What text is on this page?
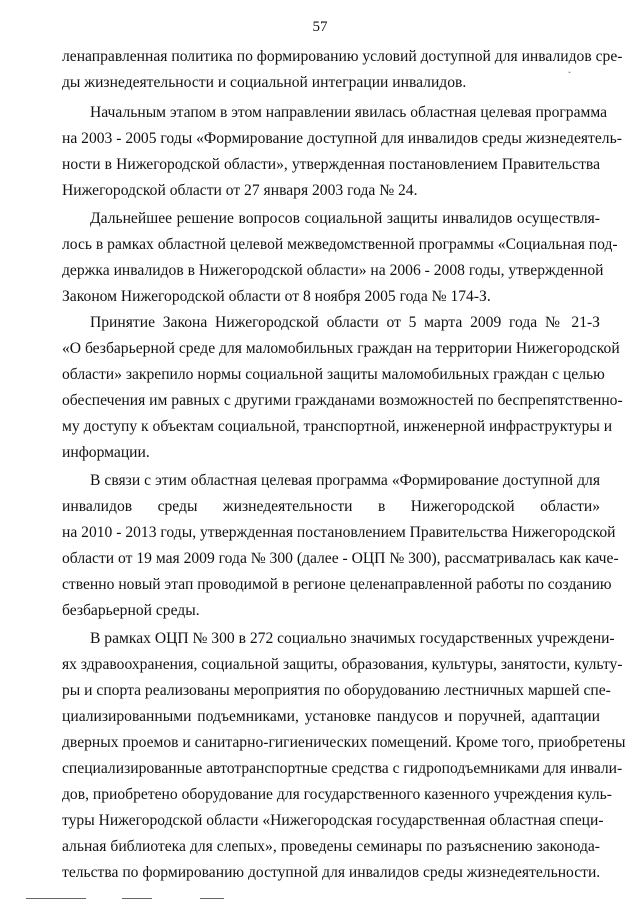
57
ˇ
ленаправленная политика по формированию условий доступной для инвалидов сре-
ды жизнедеятельности и социальной интеграции инвалидов.
Начальным этапом в этом направлении явилась областная целевая программа
на 2003 - 2005 годы «Формирование доступной для инвалидов среды жизнедеятель-
ности в Нижегородской области», утвержденная постановлением Правительства
Нижегородской области от 27 января 2003 года № 24.
Дальнейшее решение вопросов социальной защиты инвалидов осуществля-
лось в рамках областной целевой межведомственной программы «Социальная под-
держка инвалидов в Нижегородской области» на 2006 - 2008 годы, утвержденной
Законом Нижегородской области от 8 ноября 2005 года № 174-З.
Принятие Закона Нижегородской области от 5 марта 2009 года № 21-З
«О безбарьерной среде для маломобильных граждан на территории Нижегородской
области» закрепило нормы социальной защиты маломобильных граждан с целью
обеспечения им равных с другими гражданами возможностей по беспрепятственно-
му доступу к объектам социальной, транспортной, инженерной инфраструктуры и
информации.
В связи с этим областная целевая программа «Формирование доступной для
инвалидов среды жизнедеятельности в Нижегородской области»
на 2010 - 2013 годы, утвержденная постановлением Правительства Нижегородской
области от 19 мая 2009 года № 300 (далее - ОЦП № 300), рассматривалась как каче-
ственно новый этап проводимой в регионе целенаправленной работы по созданию
безбарьерной среды.
В рамках ОЦП № 300 в 272 социально значимых государственных учреждени-
ях здравоохранения, социальной защиты, образования, культуры, занятости, культу-
ры и спорта реализованы мероприятия по оборудованию лестничных маршей спе-
циализированными подъемниками, установке пандусов и поручней, адаптации
дверных проемов и санитарно-гигиенических помещений. Кроме того, приобретены
специализированные автотранспортные средства с гидроподъемниками для инвали-
дов, приобретено оборудование для государственного казенного учреждения куль-
туры Нижегородской области «Нижегородская государственная областная специ-
альная библиотека для слепых», проведены семинары по разъяснению законода-
тельства по формированию доступной для инвалидов среды жизнедеятельности.
